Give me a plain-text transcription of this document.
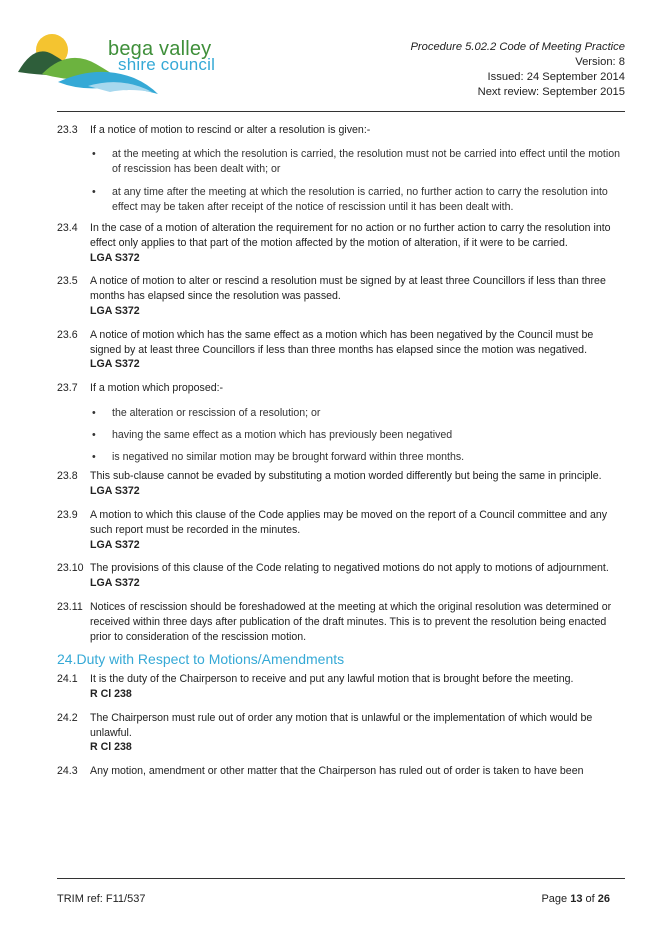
bega valley
shire council
Procedure 5.02.2 Code of Meeting Practice
Version: 8
Issued: 24 September 2014
Next review: September 2015
23.3 If a notice of motion to rescind or alter a resolution is given:-
• at the meeting at which the resolution is carried, the resolution must not be carried into effect until the motion of rescission has been dealt with; or
• at any time after the meeting at which the resolution is carried, no further action to carry the resolution into effect may be taken after receipt of the notice of rescission until it has been dealt with.
23.4 In the case of a motion of alteration the requirement for no action or no further action to carry the resolution into effect only applies to that part of the motion affected by the motion of alteration, if it were to be carried.
LGA S372
23.5 A notice of motion to alter or rescind a resolution must be signed by at least three Councillors if less than three months has elapsed since the resolution was passed.
LGA S372
23.6 A notice of motion which has the same effect as a motion which has been negatived by the Council must be signed by at least three Councillors if less than three months has elapsed since the motion was negatived.
LGA S372
23.7 If a motion which proposed:-
• the alteration or rescission of a resolution; or
• having the same effect as a motion which has previously been negatived
• is negatived no similar motion may be brought forward within three months.
23.8 This sub-clause cannot be evaded by substituting a motion worded differently but being the same in principle.
LGA S372
23.9 A motion to which this clause of the Code applies may be moved on the report of a Council committee and any such report must be recorded in the minutes.
LGA S372
23.10 The provisions of this clause of the Code relating to negatived motions do not apply to motions of adjournment.
LGA S372
23.11 Notices of rescission should be foreshadowed at the meeting at which the original resolution was determined or received within three days after publication of the draft minutes. This is to prevent the resolution being enacted prior to consideration of the rescission motion.
24.Duty with Respect to Motions/Amendments
24.1 It is the duty of the Chairperson to receive and put any lawful motion that is brought before the meeting.
R Cl 238
24.2 The Chairperson must rule out of order any motion that is unlawful or the implementation of which would be unlawful.
R Cl 238
24.3 Any motion, amendment or other matter that the Chairperson has ruled out of order is taken to have been
TRIM ref: F11/537	Page 13 of 26
